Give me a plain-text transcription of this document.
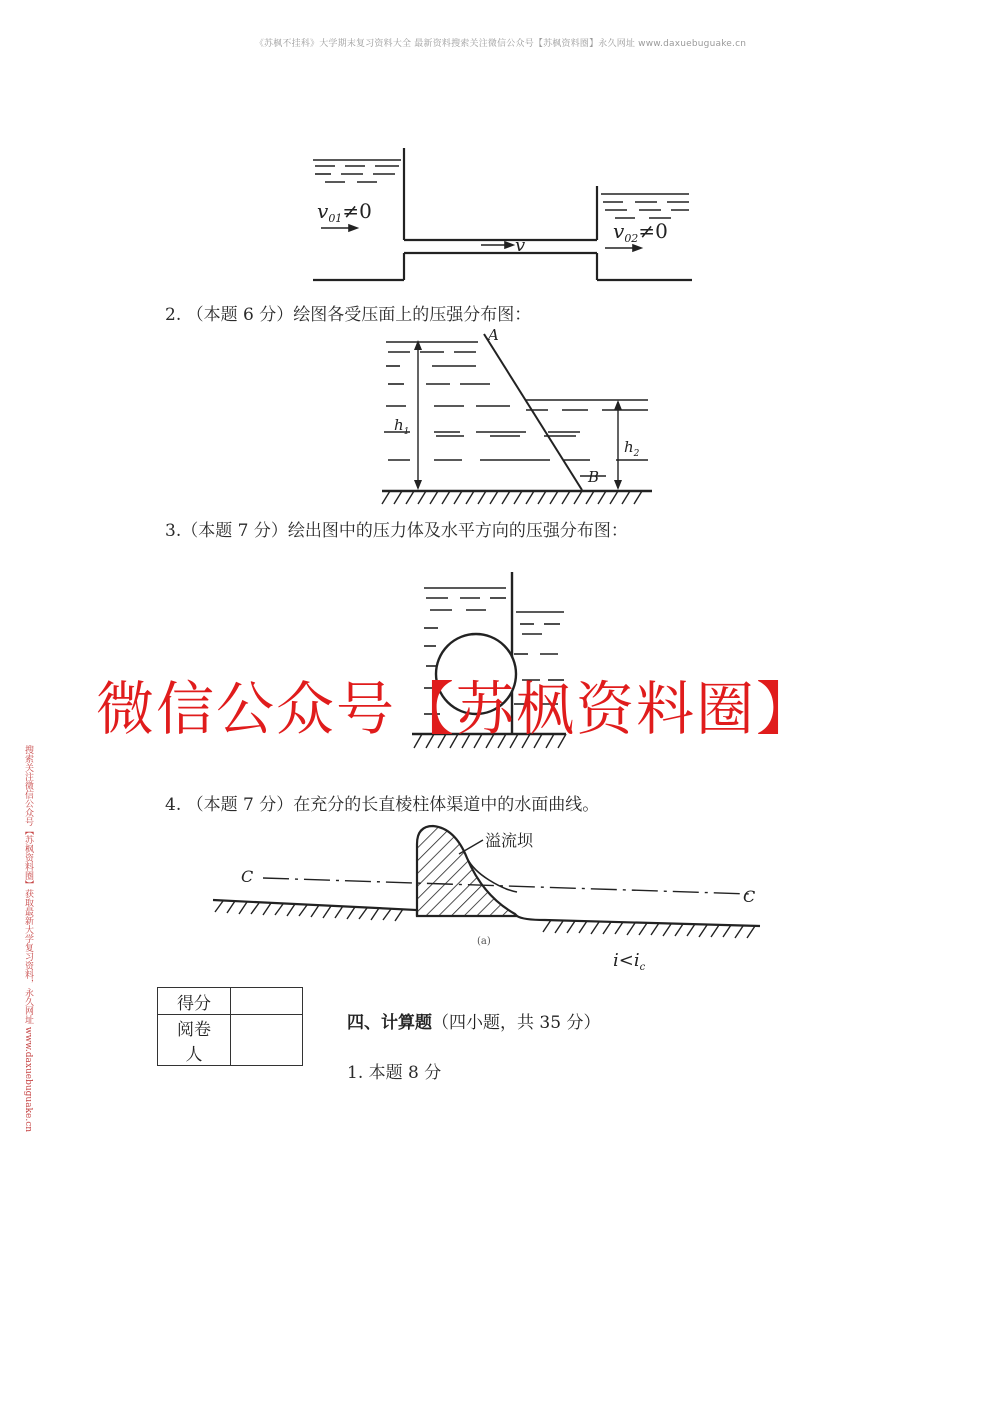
《苏枫不挂科》大学期末复习资料大全 最新资料搜索关注微信公众号【苏枫资料圈】永久网址 www.daxuebuguake.cn
$v_{01}\ne 0$
v
$v_{02}\ne 0$
2. （本题 6 分）绘图各受压面上的压强分布图：
A
B
$h_1$
$h_2$
3.（本题 7 分）绘出图中的压力体及水平方向的压强分布图：
微信公众号【苏枫资料圈】
搜索关注微信公众号【苏枫资料圈】获取最新大学复习资料，永久网址 www.daxuebuguake.cn	4. （本题 7 分）在充分的长直棱柱体渠道中的水面曲线。
溢流坝
C
C
(a)
$i<i_c$
得分	
阅卷
人	
四、计算题（四小题，共 35 分）
1. 本题 8 分
